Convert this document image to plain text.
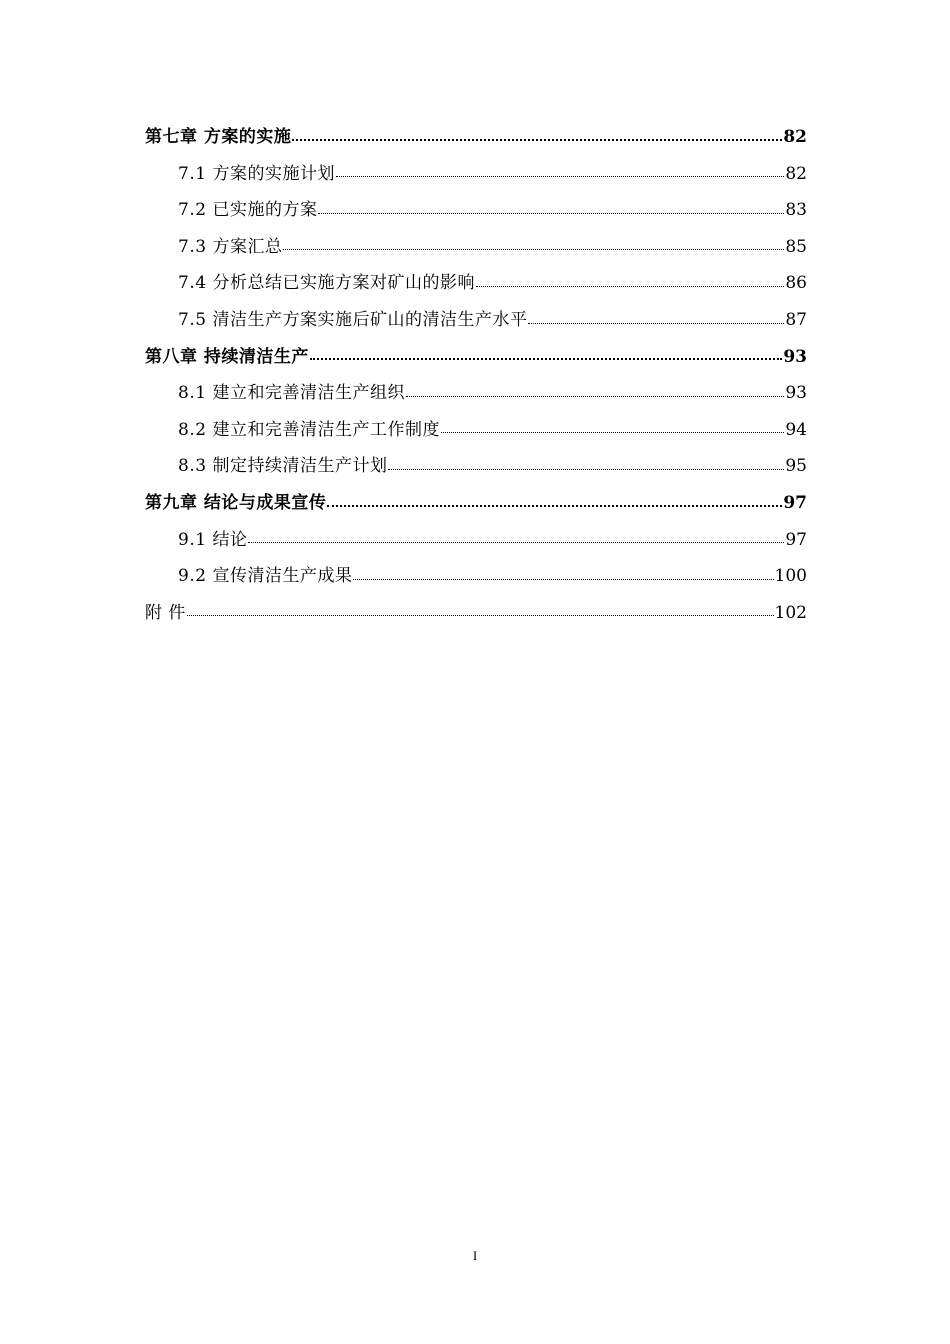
第七章 方案的实施	82
7.1 方案的实施计划	82
7.2 已实施的方案	83
7.3 方案汇总	85
7.4 分析总结已实施方案对矿山的影响	86
7.5 清洁生产方案实施后矿山的清洁生产水平	87
第八章 持续清洁生产	93
8.1 建立和完善清洁生产组织	93
8.2 建立和完善清洁生产工作制度	94
8.3 制定持续清洁生产计划	95
第九章 结论与成果宣传	97
9.1 结论	97
9.2 宣传清洁生产成果	100
附 件	102
I
